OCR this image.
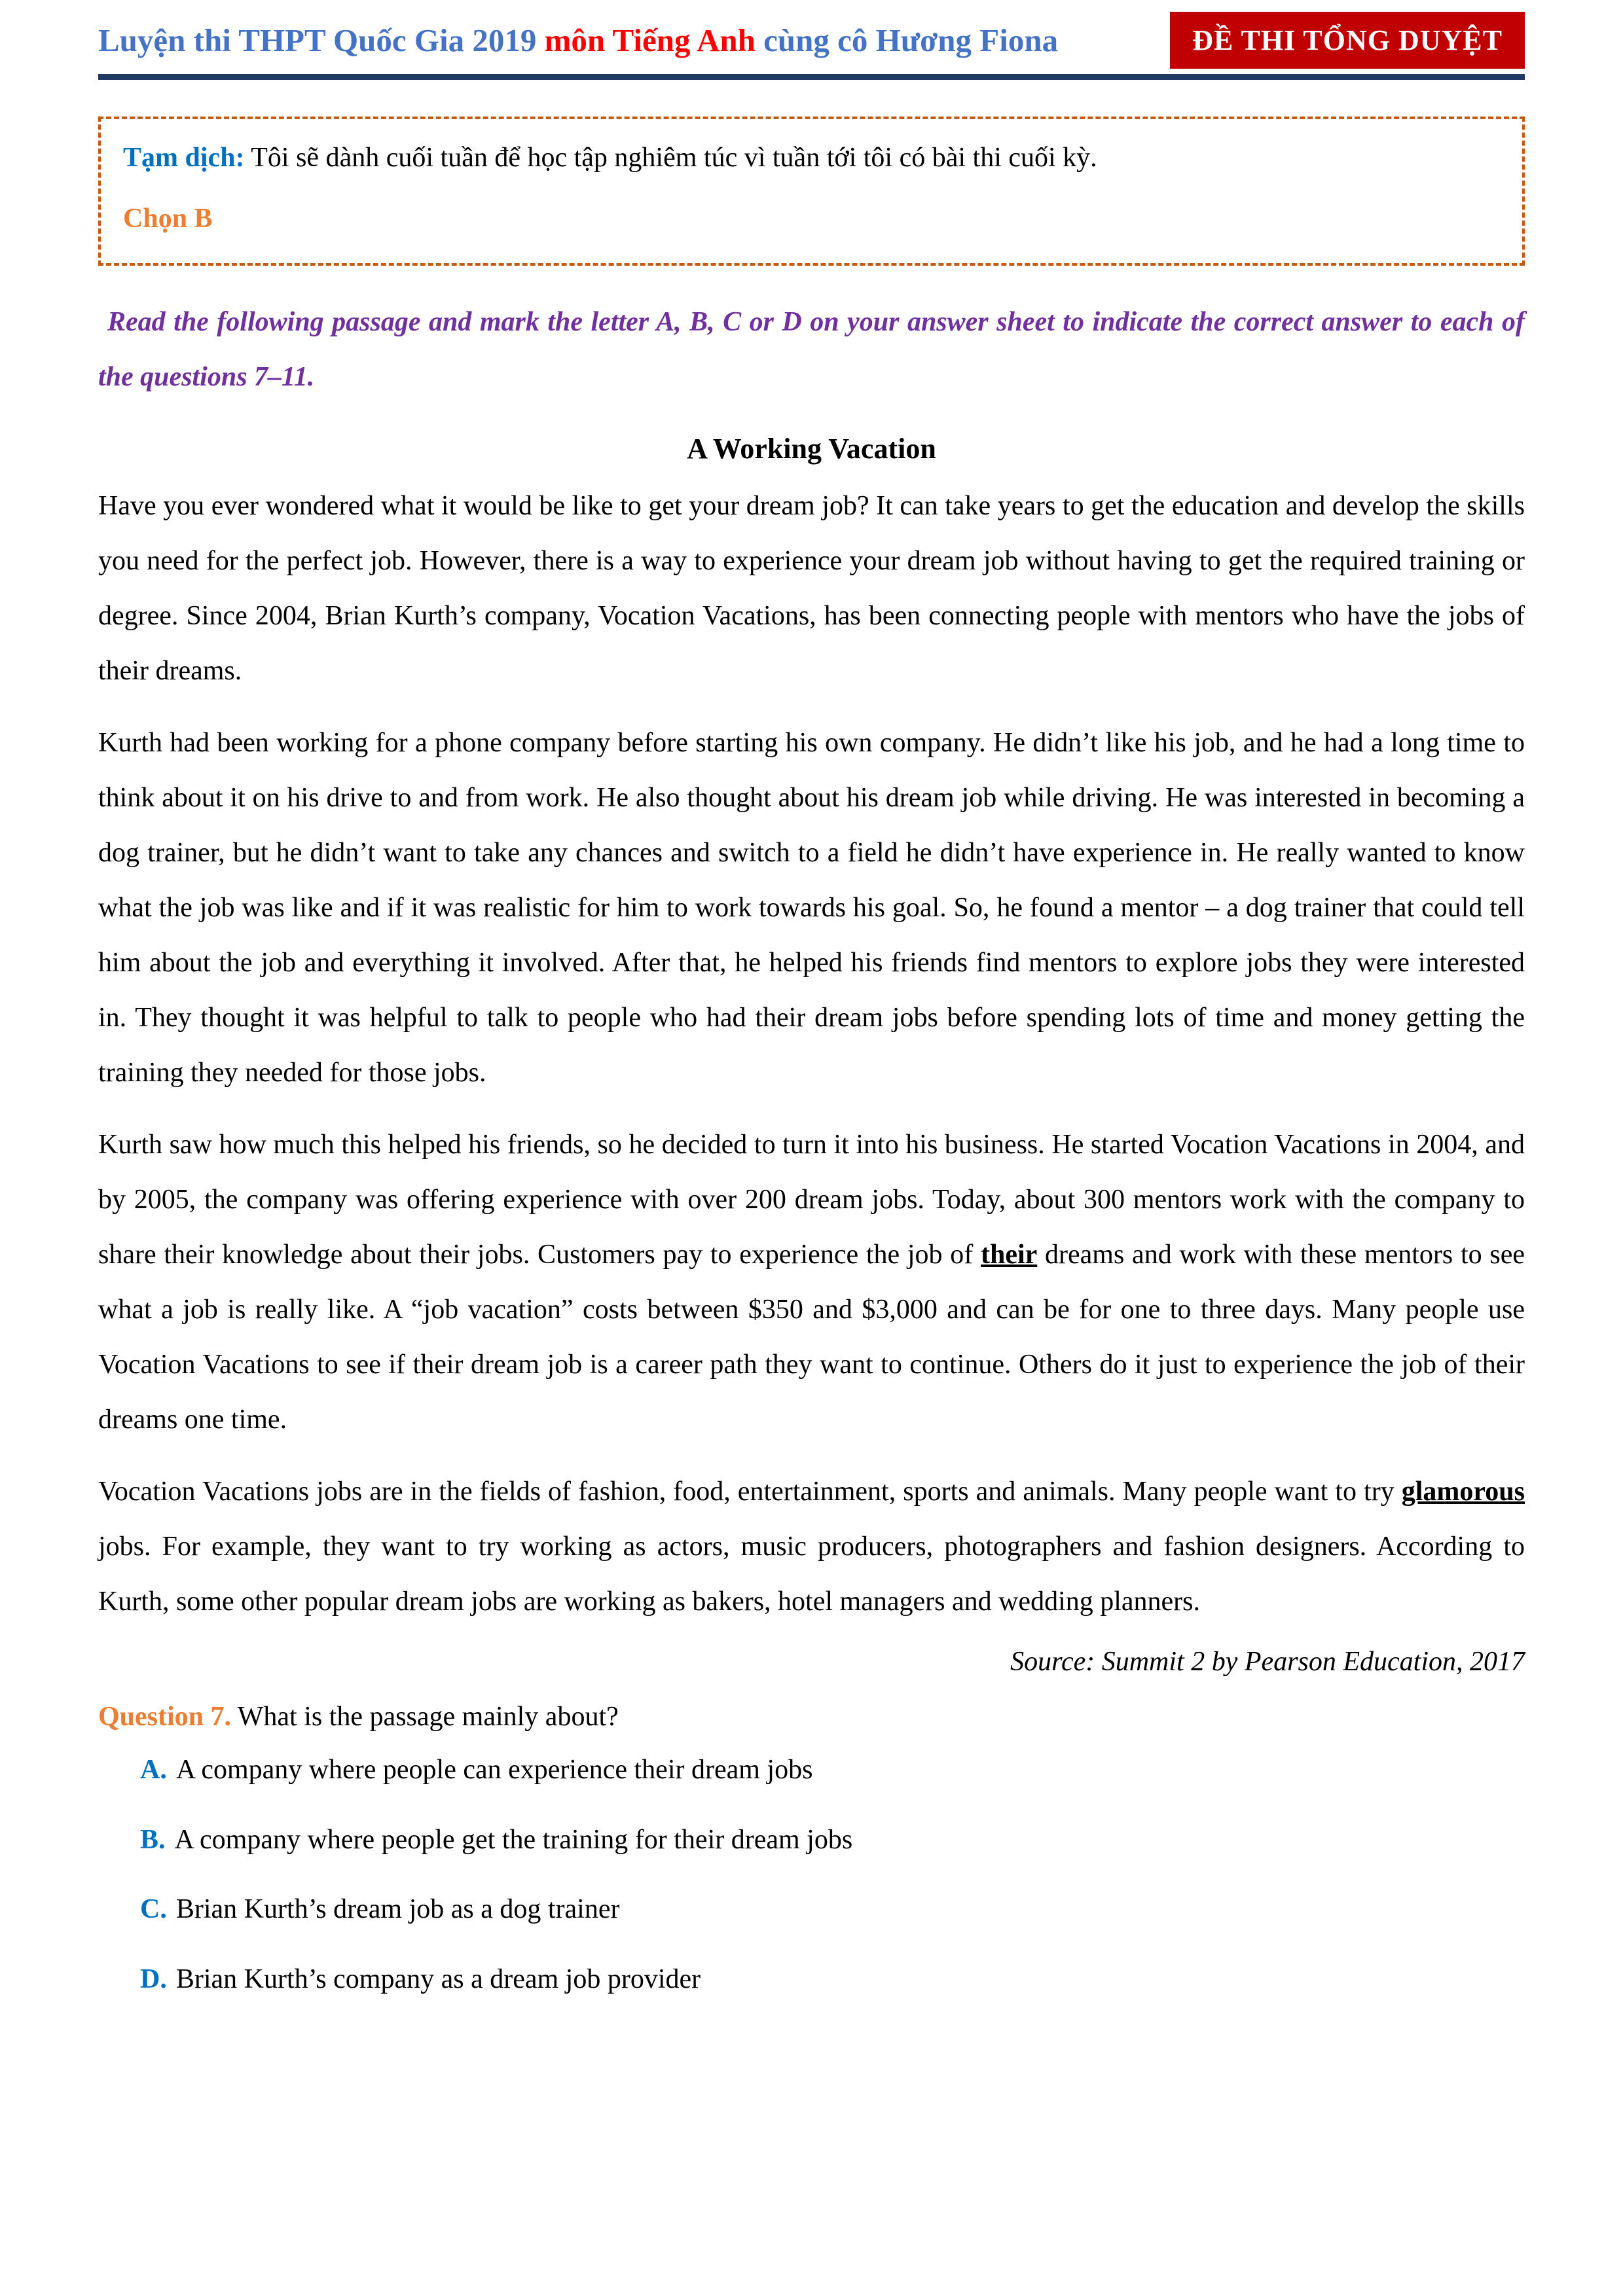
Luyện thi THPT Quốc Gia 2019 môn Tiếng Anh cùng cô Hương Fiona	ĐỀ THI TỔNG DUYỆT
Tạm dịch: Tôi sẽ dành cuối tuần để học tập nghiêm túc vì tuần tới tôi có bài thi cuối kỳ.
Chọn B

Read the following passage and mark the letter A, B, C or D on your answer sheet to indicate the correct answer to each of the questions 7–11.

A Working Vacation

Have you ever wondered what it would be like to get your dream job? It can take years to get the education and develop the skills you need for the perfect job. However, there is a way to experience your dream job without having to get the required training or degree. Since 2004, Brian Kurth’s company, Vocation Vacations, has been connecting people with mentors who have the jobs of their dreams.

Kurth had been working for a phone company before starting his own company. He didn’t like his job, and he had a long time to think about it on his drive to and from work. He also thought about his dream job while driving. He was interested in becoming a dog trainer, but he didn’t want to take any chances and switch to a field he didn’t have experience in. He really wanted to know what the job was like and if it was realistic for him to work towards his goal. So, he found a mentor – a dog trainer that could tell him about the job and everything it involved. After that, he helped his friends find mentors to explore jobs they were interested in. They thought it was helpful to talk to people who had their dream jobs before spending lots of time and money getting the training they needed for those jobs.

Kurth saw how much this helped his friends, so he decided to turn it into his business. He started Vocation Vacations in 2004, and by 2005, the company was offering experience with over 200 dream jobs. Today, about 300 mentors work with the company to share their knowledge about their jobs. Customers pay to experience the job of their dreams and work with these mentors to see what a job is really like. A “job vacation” costs between $350 and $3,000 and can be for one to three days. Many people use Vocation Vacations to see if their dream job is a career path they want to continue. Others do it just to experience the job of their dreams one time.

Vocation Vacations jobs are in the fields of fashion, food, entertainment, sports and animals. Many people want to try glamorous jobs. For example, they want to try working as actors, music producers, photographers and fashion designers. According to Kurth, some other popular dream jobs are working as bakers, hotel managers and wedding planners.

Source: Summit 2 by Pearson Education, 2017
Question 7. What is the passage mainly about?
A. A company where people can experience their dream jobs
B. A company where people get the training for their dream jobs
C. Brian Kurth’s dream job as a dog trainer
D. Brian Kurth’s company as a dream job provider
